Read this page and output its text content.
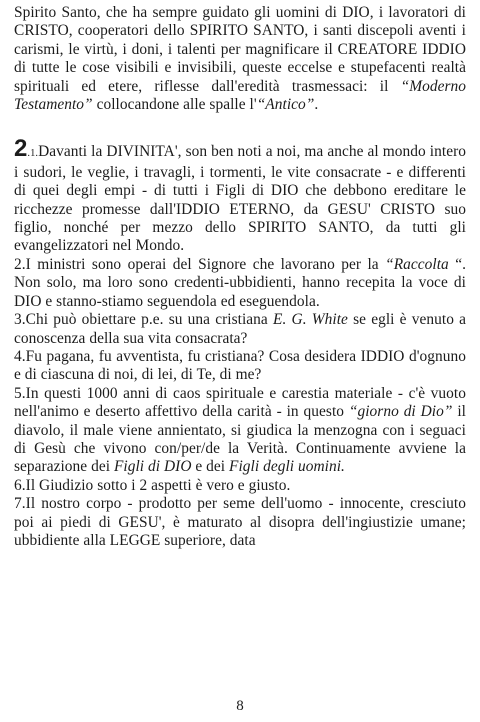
Spirito Santo, che ha sempre guidato gli uomini di DIO, i lavoratori di CRISTO, cooperatori dello SPIRITO SANTO, i santi discepoli aventi i carismi, le virtù, i doni, i talenti per magnificare il CREATORE IDDIO di tutte le cose visibili e invisibili, queste eccelse e stupefacenti realtà spirituali ed etere, riflesse dall'eredità trasmessaci: il “Moderno Testamento” collocandone alle spalle l'“Antico”.

2.1.Davanti la DIVINITA', son ben noti a noi, ma anche al mondo intero i sudori, le veglie, i travagli, i tormenti, le vite consacrate - e differenti di quei degli empi - di tutti i Figli di DIO che debbono ereditare le ricchezze promesse dall'IDDIO ETERNO, da GESU' CRISTO suo figlio, nonché per mezzo dello SPIRITO SANTO, da tutti gli evangelizzatori nel Mondo.

2.I ministri sono operai del Signore che lavorano per la “Raccolta “. Non solo, ma loro sono credenti-ubbidienti, hanno recepita la voce di DIO e stanno-stiamo seguendola ed eseguendola.

3.Chi può obiettare p.e. su una cristiana E. G. White se egli è venuto a conoscenza della sua vita consacrata?

4.Fu pagana, fu avventista, fu cristiana? Cosa desidera IDDIO d'ognuno e di ciascuna di noi, di lei, di Te, di me?

5.In questi 1000 anni di caos spirituale e carestia materiale - c'è vuoto nell'animo e deserto affettivo della carità - in questo “giorno di Dio” il diavolo, il male viene annientato, si giudica la menzogna con i seguaci di Gesù che vivono con/per/de la Verità. Continuamente avviene la separazione dei Figli di DIO e dei Figli degli uomini.

6.Il Giudizio sotto i 2 aspetti è vero e giusto.

7.Il nostro corpo - prodotto per seme dell'uomo - innocente, cresciuto poi ai piedi di GESU', è maturato al disopra dell'ingiustizie umane; ubbidiente alla LEGGE superiore, data

8
